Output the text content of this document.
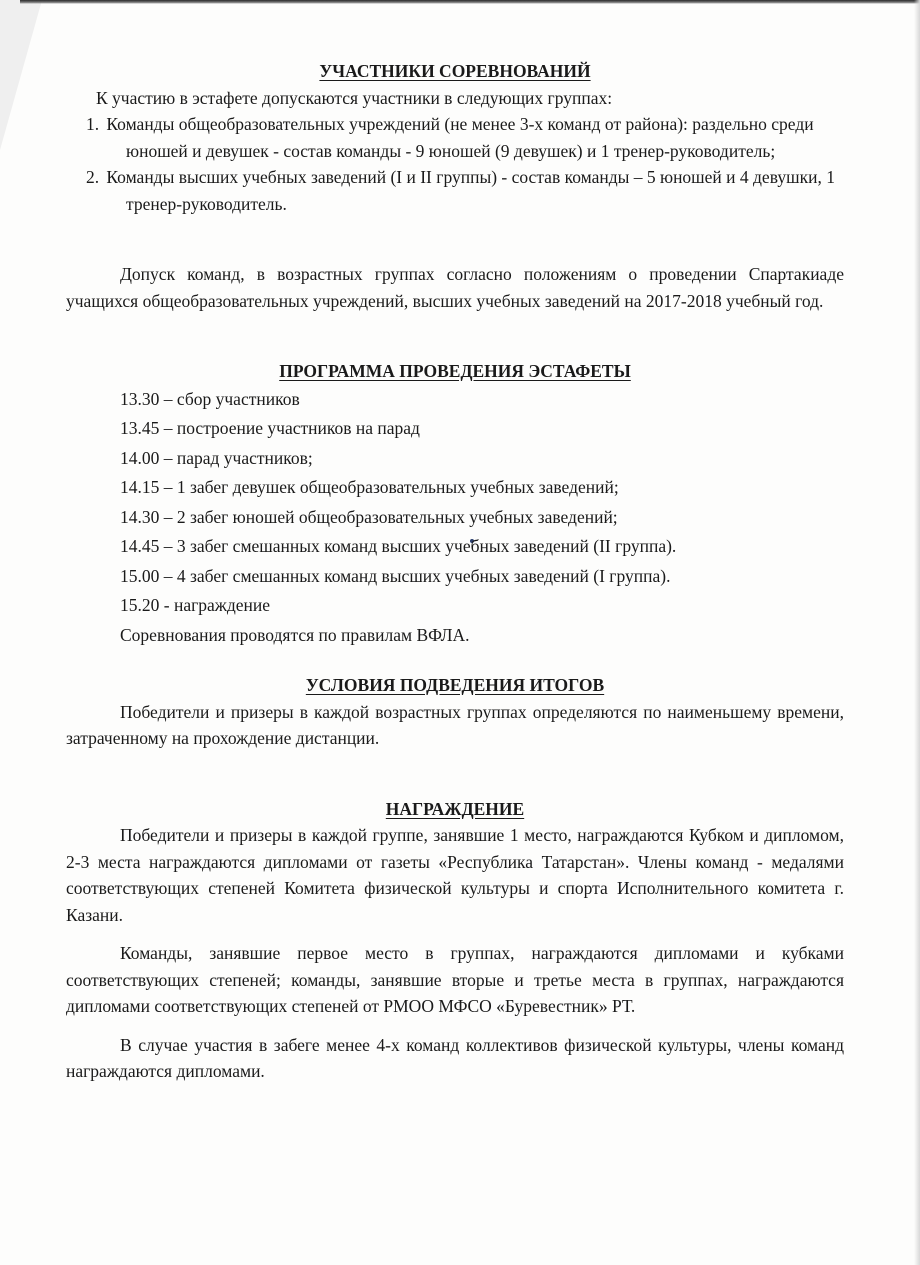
УЧАСТНИКИ СОРЕВНОВАНИЙ

К участию в эстафете допускаются участники в следующих группах:

1. Команды общеобразовательных учреждений (не менее 3-х команд от района): раздельно среди юношей и девушек - состав команды - 9 юношей (9 девушек) и 1 тренер-руководитель;
2. Команды высших учебных заведений (I и II группы) - состав команды – 5 юношей и 4 девушки, 1 тренер-руководитель.

Допуск команд, в возрастных группах согласно положениям о проведении Спартакиаде учащихся общеобразовательных учреждений, высших учебных заведений на 2017-2018 учебный год.

ПРОГРАММА ПРОВЕДЕНИЯ ЭСТАФЕТЫ
13.30 – сбор участников
13.45 – построение участников на парад
14.00 – парад участников;
14.15 – 1 забег девушек общеобразовательных учебных заведений;
14.30 – 2 забег юношей общеобразовательных учебных заведений;
14.45 – 3 забег смешанных команд высших учебных заведений (II группа).
15.00 – 4 забег смешанных команд высших учебных заведений (I группа).
15.20 - награждение
Соревнования проводятся по правилам ВФЛА.
УСЛОВИЯ ПОДВЕДЕНИЯ ИТОГОВ

Победители и призеры в каждой возрастных группах определяются по наименьшему времени, затраченному на прохождение дистанции.

НАГРАЖДЕНИЕ

Победители и призеры в каждой группе, занявшие 1 место, награждаются Кубком и дипломом, 2-3 места награждаются дипломами от газеты «Республика Татарстан». Члены команд - медалями соответствующих степеней Комитета физической культуры и спорта Исполнительного комитета г. Казани.

Команды, занявшие первое место в группах, награждаются дипломами и кубками соответствующих степеней; команды, занявшие вторые и третье места в группах, награждаются дипломами соответствующих степеней от РМОО МФСО «Буревестник» РТ.

В случае участия в забеге менее 4-х команд коллективов физической культуры, члены команд награждаются дипломами.
